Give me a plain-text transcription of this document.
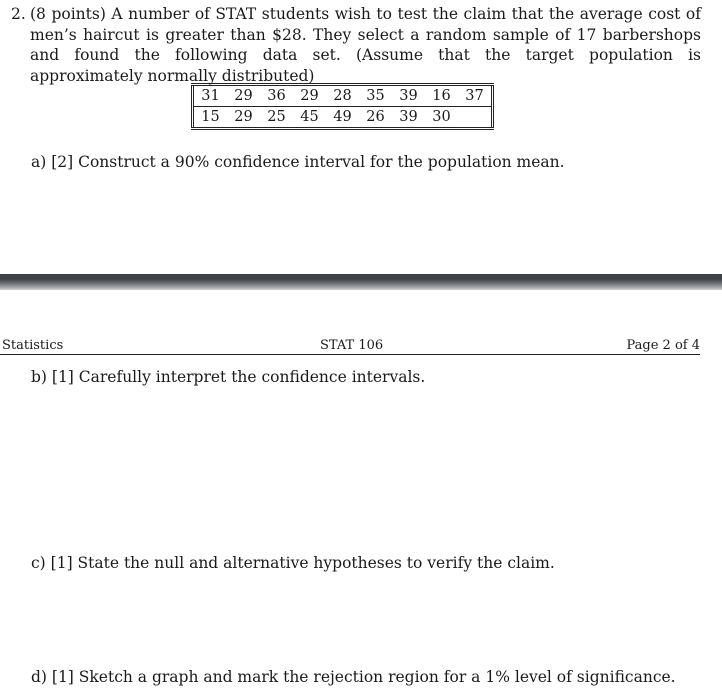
2. (8 points) A number of STAT students wish to test the claim that the average cost of men’s haircut is greater than $28. They select a random sample of 17 barbershops and found the following data set. (Assume that the target population is approximately normally distributed)
31	29	36	29	28	35	39	16	37
15	29	25	45	49	26	39	30	
a) [2] Construct a 90% confidence interval for the population mean.
Statistics	STAT 106	Page 2 of 4
b) [1] Carefully interpret the confidence intervals.
c) [1] State the null and alternative hypotheses to verify the claim.
d) [1] Sketch a graph and mark the rejection region for a 1% level of significance.
